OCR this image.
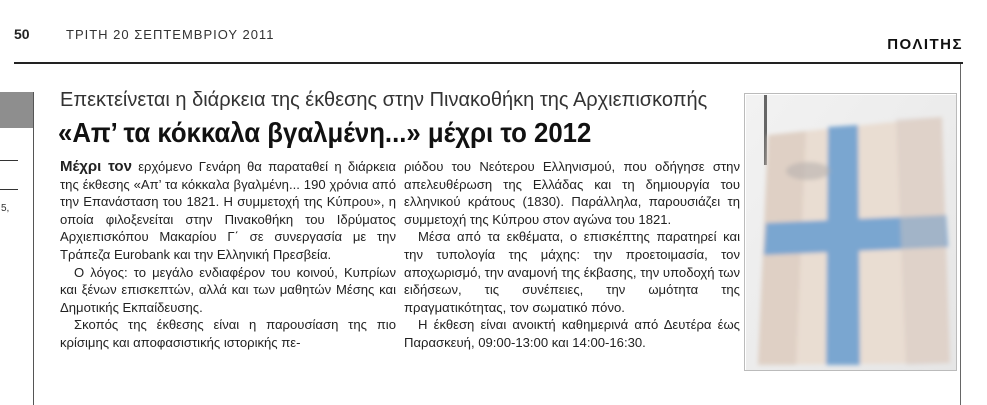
50	ΤΡΙΤΗ 20 ΣΕΠΤΕΜΒΡΙΟΥ 2011
ΠΟΛΙΤΗΣ
5,
Επεκτείνεται η διάρκεια της έκθεσης στην Πινακοθήκη της Αρχιεπισκοπής
«Απ’ τα κόκκαλα βγαλμένη...» μέχρι το 2012

Μέχρι τον ερχόμενο Γενάρη θα παραταθεί η διάρκεια της έκθεσης «Απ’ τα κόκκαλα βγαλμένη... 190 χρόνια από την Επανάσταση του 1821. Η συμμετοχή της Κύπρου», η οποία φιλοξενείται στην Πινακοθήκη του Ιδρύματος Αρχιεπισκόπου Μακαρίου Γ΄ σε συνεργασία με την Τράπεζα Eurobank και την Ελληνική Πρεσβεία.

Ο λόγος: το μεγάλο ενδιαφέρον του κοινού, Κυπρίων και ξένων επισκεπτών, αλλά και των μαθητών Μέσης και Δημοτικής Εκπαίδευσης.

Σκοπός της έκθεσης είναι η παρουσίαση της πιο κρίσιμης και αποφασιστικής ιστορικής πε-

ριόδου του Νεότερου Ελληνισμού, που οδήγησε στην απελευθέρωση της Ελλάδας και τη δημιουργία του ελληνικού κράτους (1830). Παράλληλα, παρουσιάζει τη συμμετοχή της Κύπρου στον αγώνα του 1821.

Μέσα από τα εκθέματα, ο επισκέπτης παρατηρεί και την τυπολογία της μάχης: την προετοιμασία, τον αποχωρισμό, την αναμονή της έκβασης, την υποδοχή των ειδήσεων, τις συνέπειες, την ωμότητα της πραγματικότητας, τον σωματικό πόνο.

Η έκθεση είναι ανοικτή καθημερινά από Δευτέρα έως Παρασκευή, 09:00-13:00 και 14:00-16:30.
